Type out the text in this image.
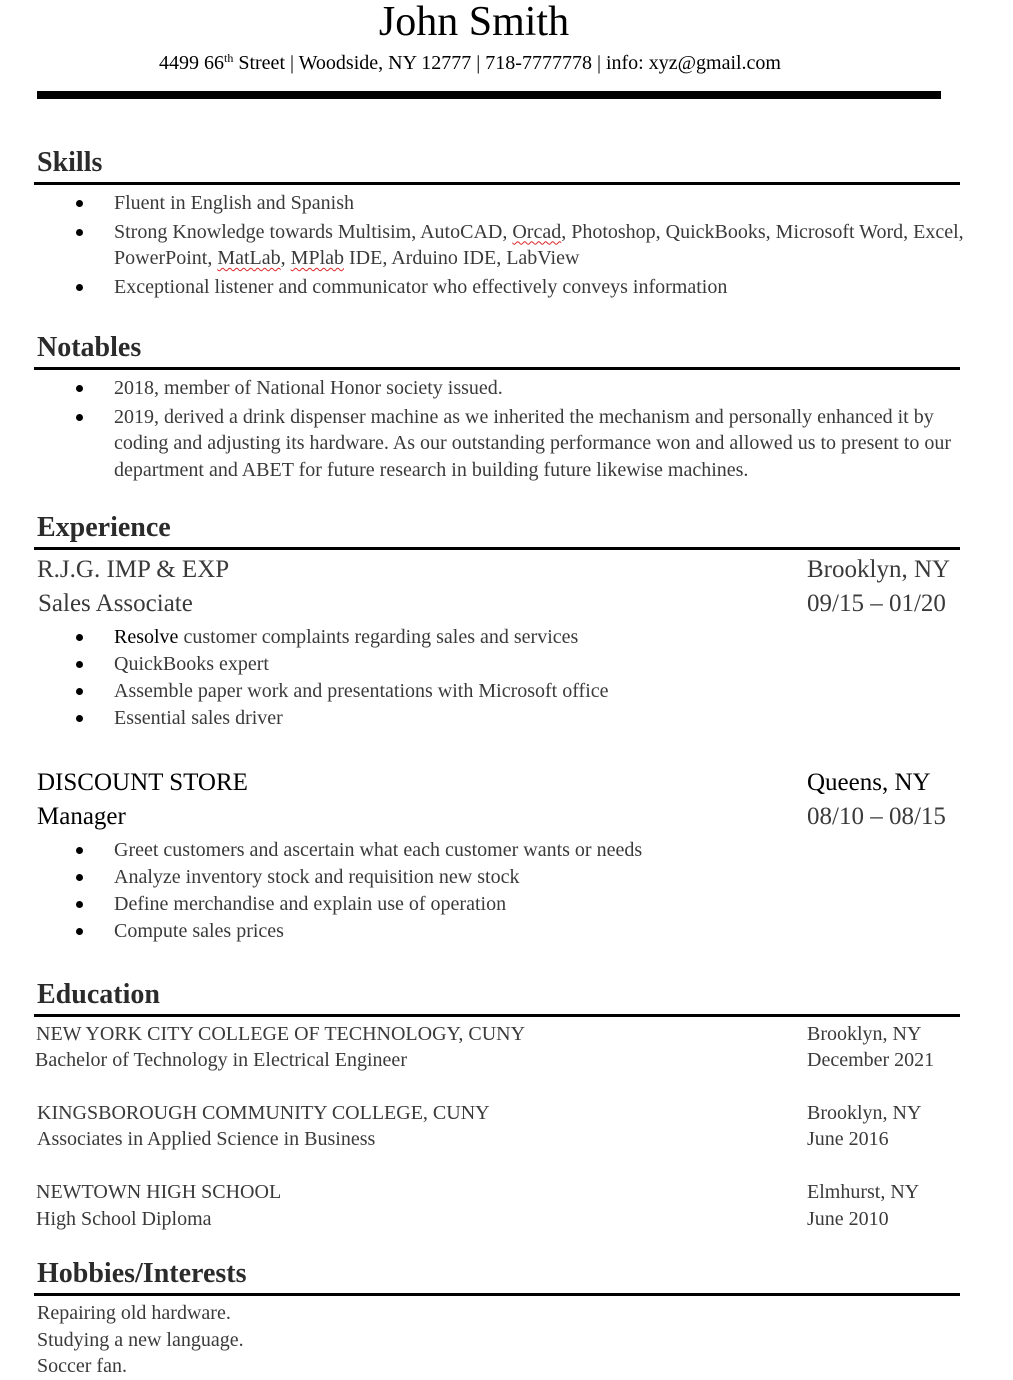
John Smith
4499 66th Street | Woodside, NY 12777 | 718-7777778 | info: xyz@gmail.com
Skills
Fluent in English and Spanish
Strong Knowledge towards Multisim, AutoCAD, Orcad, Photoshop, QuickBooks, Microsoft Word, Excel, PowerPoint, MatLab, MPlab IDE, Arduino IDE, LabView
Exceptional listener and communicator who effectively conveys information
Notables
2018, member of National Honor society issued.
2019, derived a drink dispenser machine as we inherited the mechanism and personally enhanced it by coding and adjusting its hardware. As our outstanding performance won and allowed us to present to our department and ABET for future research in building future likewise machines.
Experience
R.J.G. IMP & EXP	Brooklyn, NY
Sales Associate	09/15 – 01/20
Resolve customer complaints regarding sales and services
QuickBooks expert
Assemble paper work and presentations with Microsoft office
Essential sales driver
DISCOUNT STORE	Queens, NY
Manager	08/10 – 08/15
Greet customers and ascertain what each customer wants or needs
Analyze inventory stock and requisition new stock
Define merchandise and explain use of operation
Compute sales prices
Education
NEW YORK CITY COLLEGE OF TECHNOLOGY, CUNY	Brooklyn, NY
Bachelor of Technology in Electrical Engineer	December 2021
KINGSBOROUGH COMMUNITY COLLEGE, CUNY	Brooklyn, NY
Associates in Applied Science in Business	June 2016
NEWTOWN HIGH SCHOOL	Elmhurst, NY
High School Diploma	June 2010
Hobbies/Interests
Repairing old hardware.
Studying a new language.
Soccer fan.
